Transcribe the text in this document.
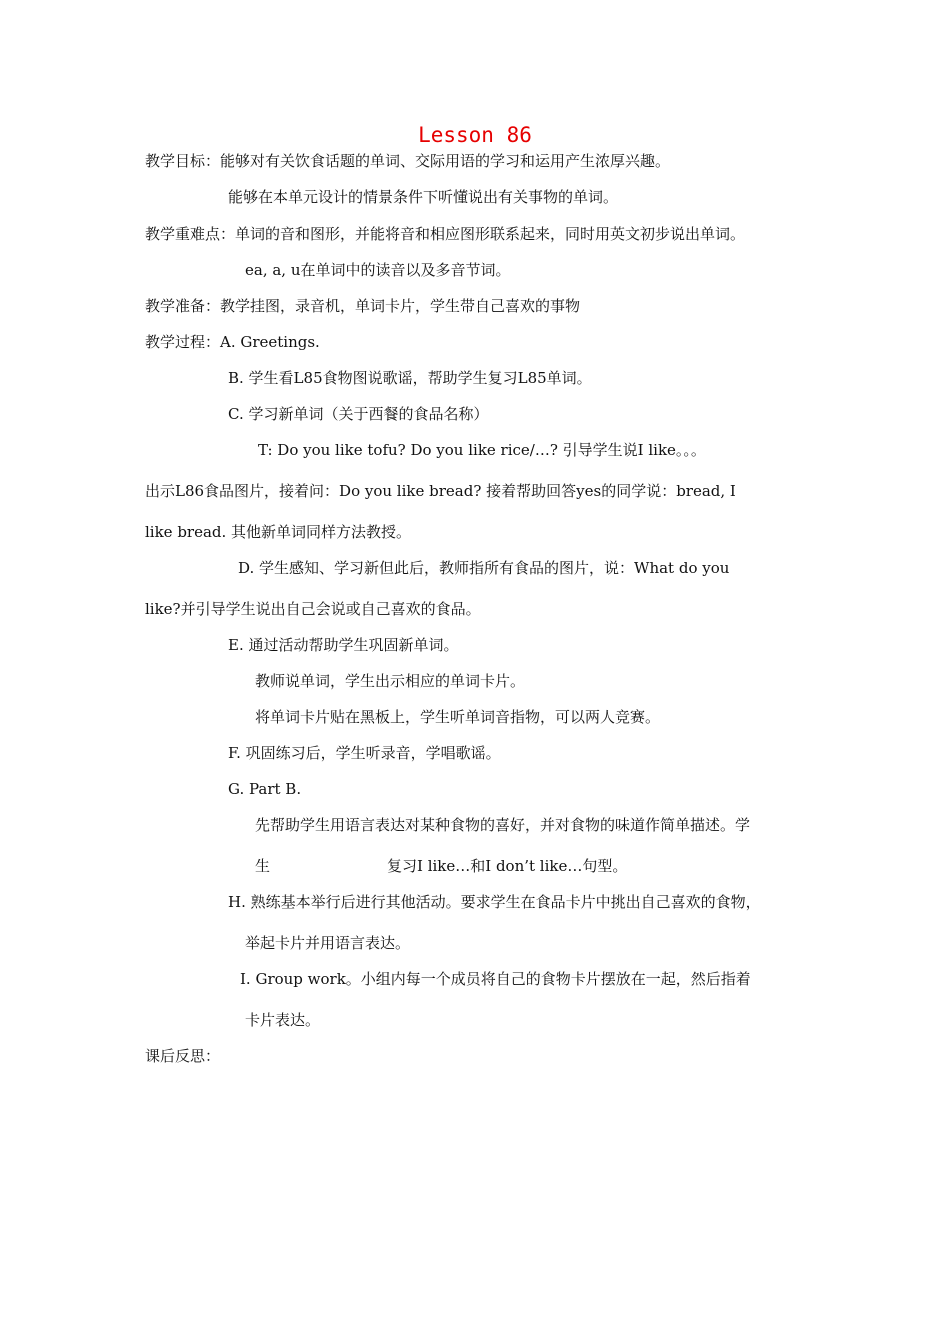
Lesson 86
教学目标：能够对有关饮食话题的单词、交际用语的学习和运用产生浓厚兴趣。
能够在本单元设计的情景条件下听懂说出有关事物的单词。
教学重难点：单词的音和图形，并能将音和相应图形联系起来，同时用英文初步说出单词。
ea, a, u在单词中的读音以及多音节词。
教学准备：教学挂图，录音机，单词卡片，学生带自己喜欢的事物
教学过程：A. Greetings.
B. 学生看L85食物图说歌谣，帮助学生复习L85单词。
C. 学习新单词（关于西餐的食品名称）
T: Do you like tofu? Do you like rice/…? 引导学生说I like。。。
出示L86食品图片，接着问：Do you like bread? 接着帮助回答yes的同学说：bread, I
like bread. 其他新单词同样方法教授。
D. 学生感知、学习新但此后，教师指所有食品的图片，说：What do you
like?并引导学生说出自己会说或自己喜欢的食品。
E. 通过活动帮助学生巩固新单词。
教师说单词，学生出示相应的单词卡片。
将单词卡片贴在黑板上，学生听单词音指物，可以两人竞赛。
F. 巩固练习后，学生听录音，学唱歌谣。
G. Part B.
先帮助学生用语言表达对某种食物的喜好，并对食物的味道作简单描述。学
生	复习I like…和I don’t like…句型。
H. 熟练基本举行后进行其他活动。要求学生在食品卡片中挑出自己喜欢的食物，
举起卡片并用语言表达。
I. Group work。小组内每一个成员将自己的食物卡片摆放在一起，然后指着
卡片表达。
课后反思：
